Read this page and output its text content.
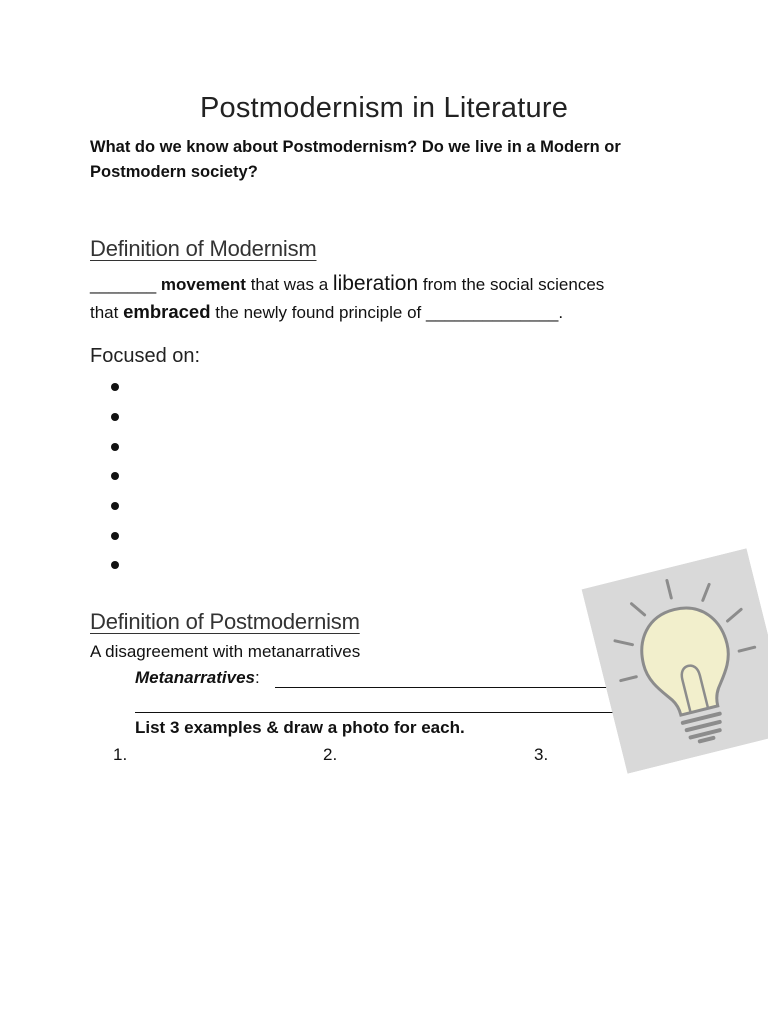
Postmodernism in Literature
What do we know about Postmodernism? Do we live in a Modern or Postmodern society?
Definition of Modernism
_______ movement that was a liberation from the social sciences
that embraced the newly found principle of ______________.
Focused on:
Definition of Postmodernism
A disagreement with metanarratives
Metanarratives:
List 3 examples & draw a photo for each.
1.	2.	3.
